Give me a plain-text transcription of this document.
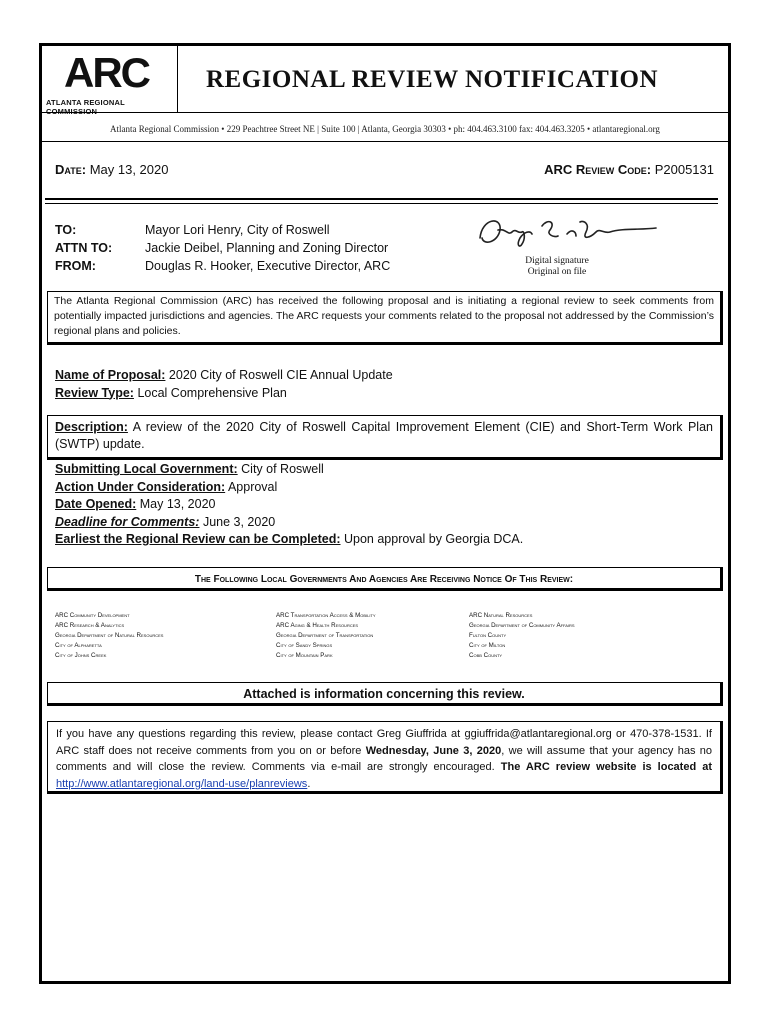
ARC
ATLANTA REGIONAL COMMISSION
REGIONAL REVIEW NOTIFICATION
Atlanta Regional Commission • 229 Peachtree Street NE | Suite 100 | Atlanta, Georgia 30303 • ph: 404.463.3100 fax: 404.463.3205 • atlantaregional.org
Date: May 13, 2020	ARC Review Code: P2005131
TO:	Mayor Lori Henry, City of Roswell
ATTN TO:	Jackie Deibel, Planning and Zoning Director
FROM:	Douglas R. Hooker, Executive Director, ARC	Digital signature
Original on file
The Atlanta Regional Commission (ARC) has received the following proposal and is initiating a regional review to seek comments from potentially impacted jurisdictions and agencies. The ARC requests your comments related to the proposal not addressed by the Commission’s regional plans and policies.
Name of Proposal: 2020 City of Roswell CIE Annual Update
Review Type: Local Comprehensive Plan
Description: A review of the 2020 City of Roswell Capital Improvement Element (CIE) and Short-Term Work Plan (SWTP) update.
Submitting Local Government: City of Roswell
Action Under Consideration: Approval
Date Opened: May 13, 2020
Deadline for Comments: June 3, 2020
Earliest the Regional Review can be Completed: Upon approval by Georgia DCA.
The Following Local Governments And Agencies Are Receiving Notice Of This Review:
ARC Community Development
ARC Research & Analytics
Georgia Department of Natural Resources
City of Alpharetta
City of Johns Creek
ARC Transportation Access & Mobility
ARC Aging & Health Resources
Georgia Department of Transportation
City of Sandy Springs
City of Mountain Park
ARC Natural Resources
Georgia Department of Community Affairs
Fulton County
City of Milton
Cobb County
Attached is information concerning this review.
If you have any questions regarding this review, please contact Greg Giuffrida at ggiuffrida@atlantaregional.org or 470-378-1531. If ARC staff does not receive comments from you on or before Wednesday, June 3, 2020, we will assume that your agency has no comments and will close the review. Comments via e-mail are strongly encouraged. The ARC review website is located at http://www.atlantaregional.org/land-use/planreviews.
